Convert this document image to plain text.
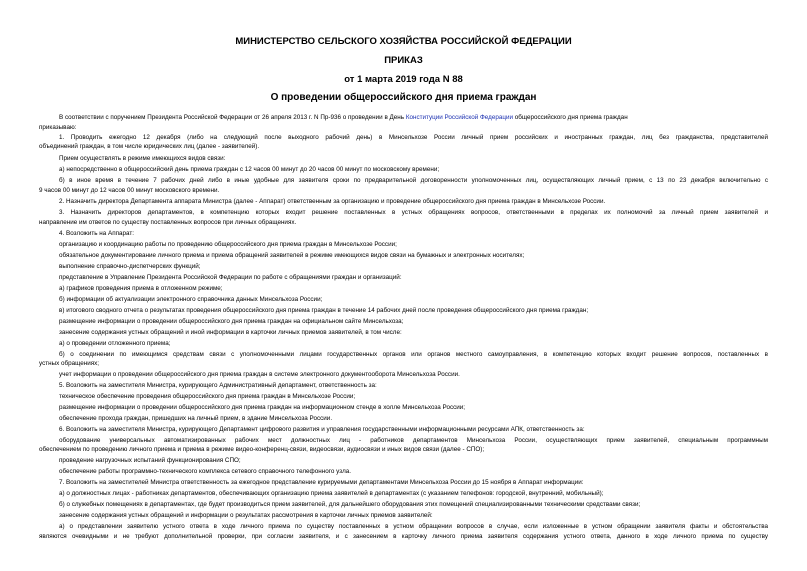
МИНИСТЕРСТВО СЕЛЬСКОГО ХОЗЯЙСТВА РОССИЙСКОЙ ФЕДЕРАЦИИ
ПРИКАЗ
от 1 марта 2019 года N 88
О проведении общероссийского дня приема граждан
В соответствии с поручением Президента Российской Федерации от 26 апреля 2013 г. N Пр-936 о проведении в День Конституции Российской Федерации общероссийского дня приема граждан
приказываю:
1. Проводить ежегодно 12 декабря (либо на следующий после выходного рабочий день) в Минсельхозе России личный прием российских и иностранных граждан, лиц без гражданства, представителей
объединений граждан, в том числе юридических лиц (далее - заявителей).
Прием осуществлять в режиме имеющихся видов связи:
а) непосредственно в общероссийский день приема граждан с 12 часов 00 минут до 20 часов 00 минут по московскому времени;
б) в иное время в течение 7 рабочих дней либо в иные удобные для заявителя сроки по предварительной договоренности уполномоченных лиц, осуществляющих личный прием, с 13 по 23 декабря включительно с
9 часов 00 минут до 12 часов 00 минут московского времени.
2. Назначить директора Департамента аппарата Министра (далее - Аппарат) ответственным за организацию и проведение общероссийского дня приема граждан в Минсельхозе России.
3. Назначить директоров департаментов, в компетенцию которых входит решение поставленных в устных обращениях вопросов, ответственными в пределах их полномочий за личный прием заявителей и
направление им ответов по существу поставленных вопросов при личных обращениях.
4. Возложить на Аппарат:
организацию и координацию работы по проведению общероссийского дня приема граждан в Минсельхозе России;
обязательное документирование личного приема и приема обращений заявителей в режиме имеющихся видов связи на бумажных и электронных носителях;
выполнение справочно-диспетчерских функций;
представление в Управление Президента Российской Федерации по работе с обращениями граждан и организаций:
а) графиков проведения приема в отложенном режиме;
б) информации об актуализации электронного справочника данных Минсельхоза России;
в) итогового сводного отчета о результатах проведения общероссийского дня приема граждан в течение 14 рабочих дней после проведения общероссийского дня приема граждан;
размещение информации о проведении общероссийского дня приема граждан на официальном сайте Минсельхоза;
занесение содержания устных обращений и иной информации в карточки личных приемов заявителей, в том числе:
а) о проведении отложенного приема;
б) о соединении по имеющимся средствам связи с уполномоченными лицами государственных органов или органов местного самоуправления, в компетенцию которых входит решение вопросов, поставленных в
устных обращениях;
учет информации о проведении общероссийского дня приема граждан в системе электронного документооборота Минсельхоза России.
5. Возложить на заместителя Министра, курирующего Административный департамент, ответственность за:
техническое обеспечение проведения общероссийского дня приема граждан в Минсельхозе России;
размещение информации о проведении общероссийского дня приема граждан на информационном стенде в холле Минсельхоза России;
обеспечение прохода граждан, пришедших на личный прием, в здание Минсельхоза России.
6. Возложить на заместителя Министра, курирующего Департамент цифрового развития и управления государственными информационными ресурсами АПК, ответственность за:
оборудование универсальных автоматизированных рабочих мест должностных лиц - работников департаментов Минсельхоза России, осуществляющих прием заявителей, специальным программным
обеспечением по проведению личного приема и приема в режиме видео-конференц-связи, видеосвязи, аудиосвязи и иных видов связи (далее - СПО);
проведение нагрузочных испытаний функционирования СПО;
обеспечение работы программно-технического комплекса сетевого справочного телефонного узла.
7. Возложить на заместителей Министра ответственность за ежегодное представление курируемыми департаментами Минсельхоза России до 15 ноября в Аппарат информации:
а) о должностных лицах - работниках департаментов, обеспечивающих организацию приема заявителей в департаментах (с указанием телефонов: городской, внутренний, мобильный);
б) о служебных помещениях в департаментах, где будет производиться прием заявителей, для дальнейшего оборудования этих помещений специализированными техническими средствами связи;
занесение содержания устных обращений и информации о результатах рассмотрения в карточки личных приемов заявителей:
а) о представлении заявителю устного ответа в ходе личного приема по существу поставленных в устном обращении вопросов в случае, если изложенные в устном обращении заявителя факты и обстоятельства
являются очевидными и не требуют дополнительной проверки, при согласии заявителя, и с занесением в карточку личного приема заявителя содержания устного ответа, данного в ходе личного приема по существу
